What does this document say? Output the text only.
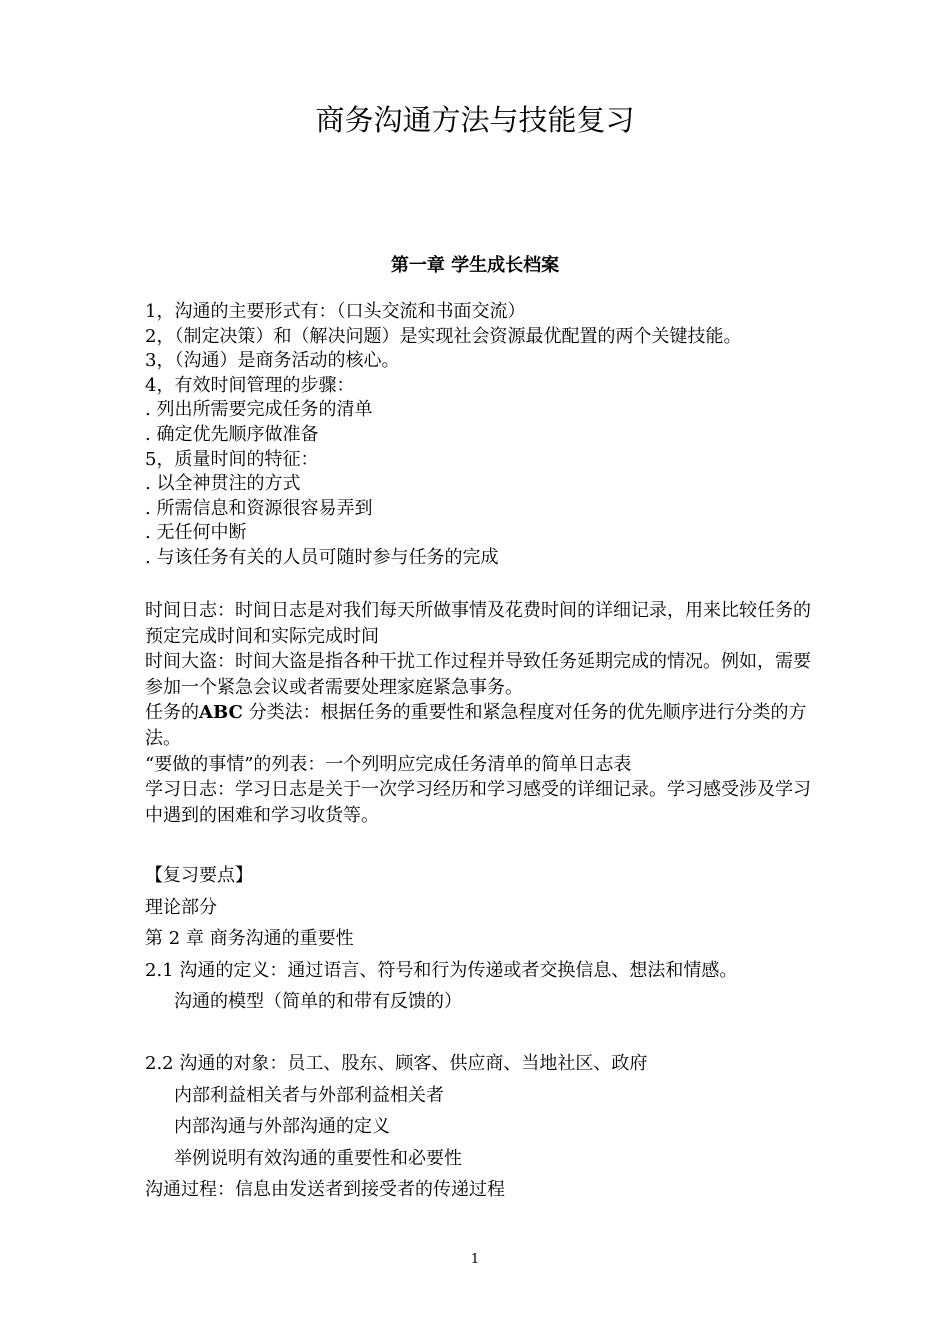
商务沟通方法与技能复习
第一章 学生成长档案

1，沟通的主要形式有：（口头交流和书面交流）

2，（制定决策）和（解决问题）是实现社会资源最优配置的两个关键技能。

3，（沟通）是商务活动的核心。

4，有效时间管理的步骤：

. 列出所需要完成任务的清单

. 确定优先顺序做准备

5，质量时间的特征：

. 以全神贯注的方式

. 所需信息和资源很容易弄到

. 无任何中断

. 与该任务有关的人员可随时参与任务的完成

时间日志：时间日志是对我们每天所做事情及花费时间的详细记录，用来比较任务的预定完成时间和实际完成时间

时间大盗：时间大盗是指各种干扰工作过程并导致任务延期完成的情况。例如，需要参加一个紧急会议或者需要处理家庭紧急事务。

任务的ABC 分类法：根据任务的重要性和紧急程度对任务的优先顺序进行分类的方法。

“要做的事情”的列表：一个列明应完成任务清单的简单日志表

学习日志：学习日志是关于一次学习经历和学习感受的详细记录。学习感受涉及学习中遇到的困难和学习收货等。

【复习要点】

理论部分

第 2 章 商务沟通的重要性

2.1 沟通的定义：通过语言、符号和行为传递或者交换信息、想法和情感。

沟通的模型（简单的和带有反馈的）

2.2 沟通的对象：员工、股东、顾客、供应商、当地社区、政府

内部利益相关者与外部利益相关者

内部沟通与外部沟通的定义

举例说明有效沟通的重要性和必要性

沟通过程：信息由发送者到接受者的传递过程

1
